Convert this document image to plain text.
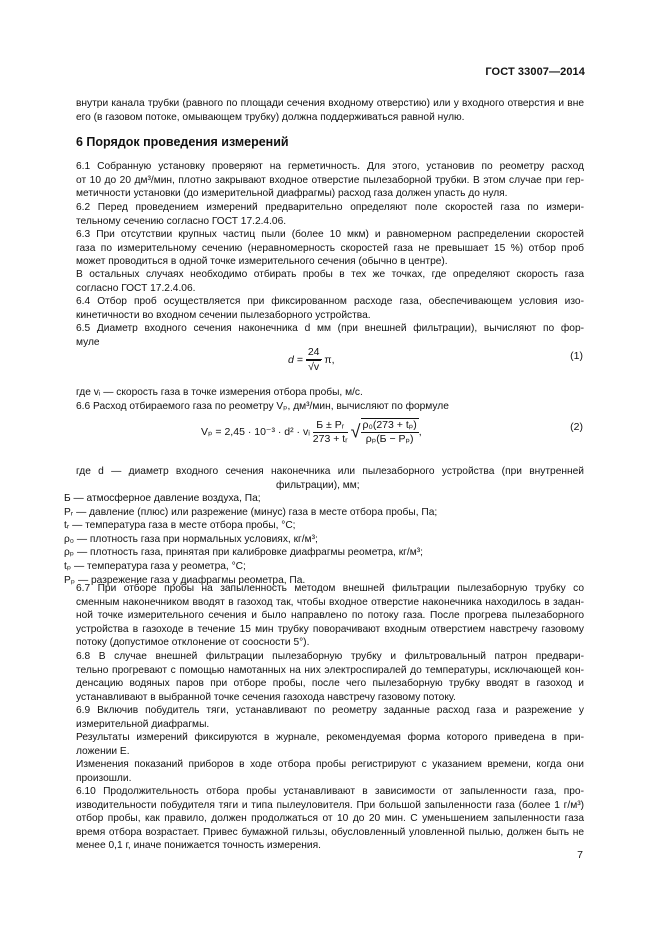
ГОСТ 33007—2014
внутри канала трубки (равного по площади сечения входному отверстию) или у входного отверстия и вне
его (в газовом потоке, омывающем трубку) должна поддерживаться равной нулю.
6 Порядок проведения измерений
6.1 Собранную установку проверяют на герметичность. Для этого, установив по реометру расход
от 10 до 20 дм³/мин, плотно закрывают входное отверстие пылезаборной трубки. В этом случае при гер-
метичности установки (до измерительной диафрагмы) расход газа должен упасть до нуля.
6.2 Перед проведением измерений предварительно определяют поле скоростей газа по измери-
тельному сечению согласно ГОСТ 17.2.4.06.
6.3 При отсутствии крупных частиц пыли (более 10 мкм) и равномерном распределении скоростей
газа по измерительному сечению (неравномерность скоростей газа не превышает 15 %) отбор проб
может проводиться в одной точке измерительного сечения (обычно в центре).
В остальных случаях необходимо отбирать пробы в тех же точках, где определяют скорость газа
согласно ГОСТ 17.2.4.06.
6.4 Отбор проб осуществляется при фиксированном расходе газа, обеспечивающем условия изо-
кинетичности во входном сечении пылезаборного устройства.
6.5 Диаметр входного сечения наконечника d мм (при внешней фильтрации), вычисляют по фор-
муле
$d = \frac{24}{√v} \pi$,	(1)
где vᵢ — скорость газа в точке измерения отбора пробы, м/с.
6.6 Расход отбираемого газа по реометру Vₚ, дм³/мин, вычисляют по формуле
Vₚ = 2,45 · 10⁻³ · d² · vᵢ $\frac{\text{Б ± Pᵣ}}{\text{273 + tᵣ}}$ √ $\frac{\text{ρ₀(273 + tₚ)}}{\text{ρₚ(Б − Pₚ)}}$ ,	(2)
где d — диаметр входного сечения наконечника или пылезаборного устройства (при внутренней
фильтрации), мм;
Б — атмосферное давление воздуха, Па;
Pᵣ — давление (плюс) или разрежение (минус) газа в месте отбора пробы, Па;
tᵣ — температура газа в месте отбора пробы, °С;
ρ₀ — плотность газа при нормальных условиях, кг/м³;
ρₚ — плотность газа, принятая при калибровке диафрагмы реометра, кг/м³;
tₚ — температура газа у реометра, °С;
Pₚ — разрежение газа у диафрагмы реометра, Па.
6.7 При отборе пробы на запыленность методом внешней фильтрации пылезаборную трубку со
сменным наконечником вводят в газоход так, чтобы входное отверстие наконечника находилось в задан-
ной точке измерительного сечения и было направлено по потоку газа. После прогрева пылезаборного
устройства в газоходе в течение 15 мин трубку поворачивают входным отверстием навстречу газовому
потоку (допустимое отклонение от соосности 5°).
6.8 В случае внешней фильтрации пылезаборную трубку и фильтровальный патрон предвари-
тельно прогревают с помощью намотанных на них электроспиралей до температуры, исключающей кон-
денсацию водяных паров при отборе пробы, после чего пылезаборную трубку вводят в газоход и
устанавливают в выбранной точке сечения газохода навстречу газовому потоку.
6.9 Включив побудитель тяги, устанавливают по реометру заданные расход газа и разрежение у
измерительной диафрагмы.
Результаты измерений фиксируются в журнале, рекомендуемая форма которого приведена в при-
ложении Е.
Изменения показаний приборов в ходе отбора пробы регистрируют с указанием времени, когда они
произошли.
6.10 Продолжительность отбора пробы устанавливают в зависимости от запыленности газа, про-
изводительности побудителя тяги и типа пылеуловителя. При большой запыленности газа (более 1 г/м³)
отбор пробы, как правило, должен продолжаться от 10 до 20 мин. С уменьшением запыленности газа
время отбора возрастает. Привес бумажной гильзы, обусловленный уловленной пылью, должен быть не
менее 0,1 г, иначе понижается точность измерения.
7
